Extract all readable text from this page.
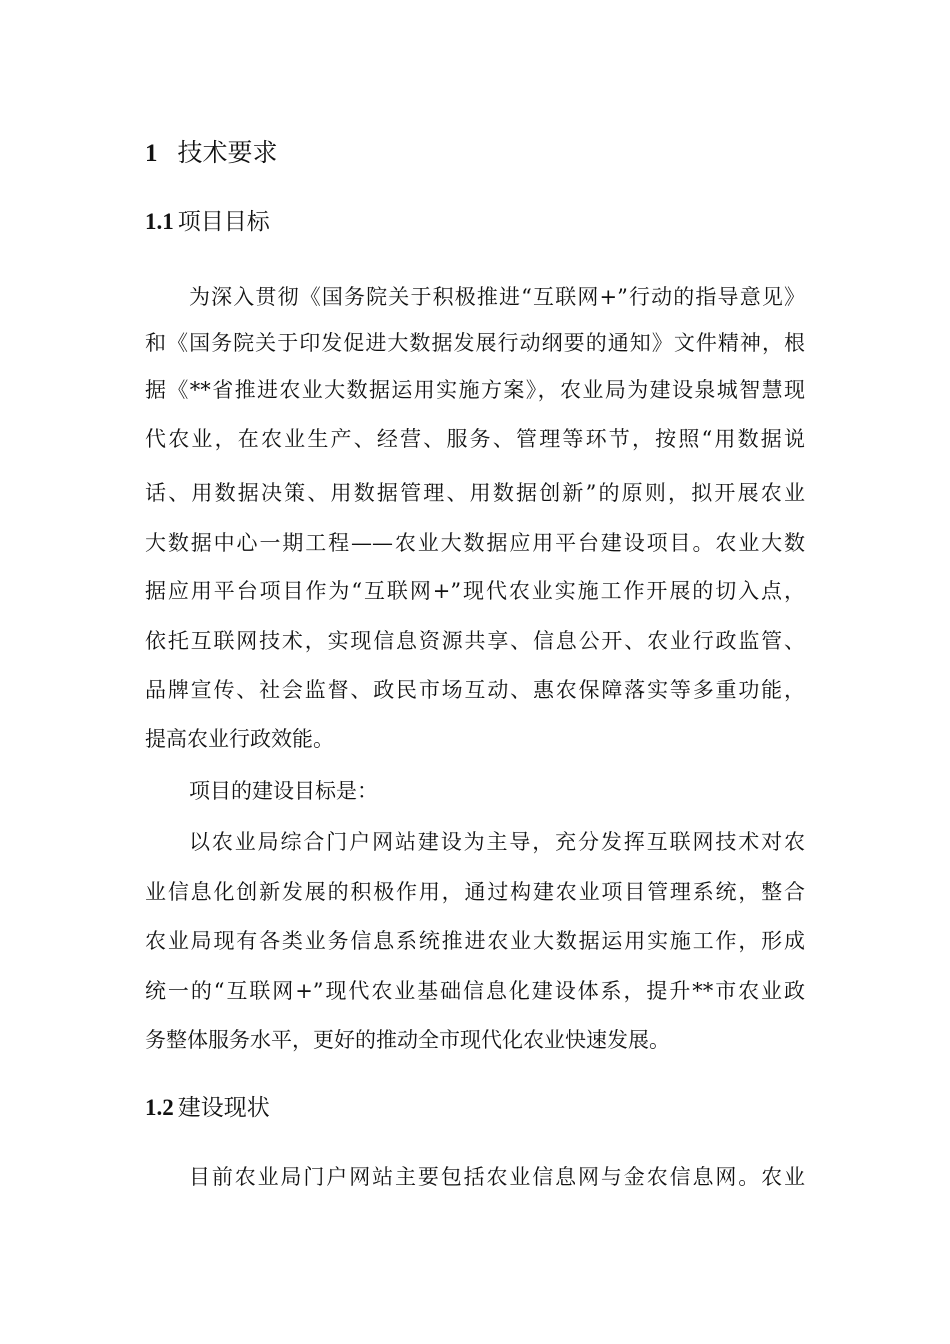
1 技术要求
1.1 项目目标
为深入贯彻《国务院关于积极推进“互联网+”行动的指导意见》
和《国务院关于印发促进大数据发展行动纲要的通知》文件精神，根
据《**省推进农业大数据运用实施方案》，农业局为建设泉城智慧现
代农业，在农业生产、经营、服务、管理等环节，按照“用数据说
话、用数据决策、用数据管理、用数据创新”的原则，拟开展农业
大数据中心一期工程——农业大数据应用平台建设项目。农业大数
据应用平台项目作为“互联网+”现代农业实施工作开展的切入点，
依托互联网技术，实现信息资源共享、信息公开、农业行政监管、
品牌宣传、社会监督、政民市场互动、惠农保障落实等多重功能，
提高农业行政效能。
项目的建设目标是：
以农业局综合门户网站建设为主导，充分发挥互联网技术对农
业信息化创新发展的积极作用，通过构建农业项目管理系统，整合
农业局现有各类业务信息系统推进农业大数据运用实施工作，形成
统一的“互联网+”现代农业基础信息化建设体系，提升**市农业政
务整体服务水平，更好的推动全市现代化农业快速发展。
1.2 建设现状
目前农业局门户网站主要包括农业信息网与金农信息网。农业
